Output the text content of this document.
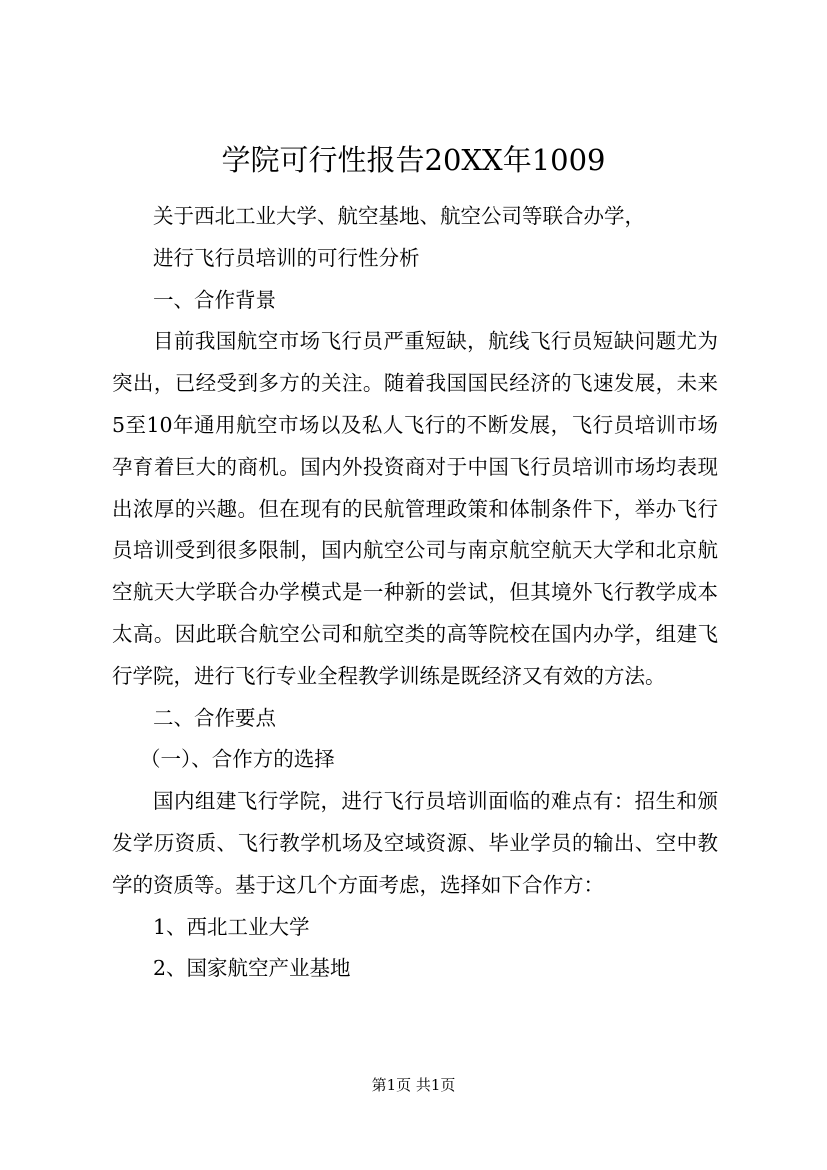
学院可行性报告20XX年1009

关于西北工业大学、航空基地、航空公司等联合办学，

进行飞行员培训的可行性分析

一、合作背景

目前我国航空市场飞行员严重短缺，航线飞行员短缺问题尤为突出，已经受到多方的关注。随着我国国民经济的飞速发展，未来5至10年通用航空市场以及私人飞行的不断发展，飞行员培训市场孕育着巨大的商机。国内外投资商对于中国飞行员培训市场均表现出浓厚的兴趣。但在现有的民航管理政策和体制条件下，举办飞行员培训受到很多限制，国内航空公司与南京航空航天大学和北京航空航天大学联合办学模式是一种新的尝试，但其境外飞行教学成本太高。因此联合航空公司和航空类的高等院校在国内办学，组建飞行学院，进行飞行专业全程教学训练是既经济又有效的方法。

二、合作要点

（一）、合作方的选择

国内组建飞行学院，进行飞行员培训面临的难点有：招生和颁发学历资质、飞行教学机场及空域资源、毕业学员的输出、空中教学的资质等。基于这几个方面考虑，选择如下合作方：

1、西北工业大学

2、国家航空产业基地

第1页 共1页
